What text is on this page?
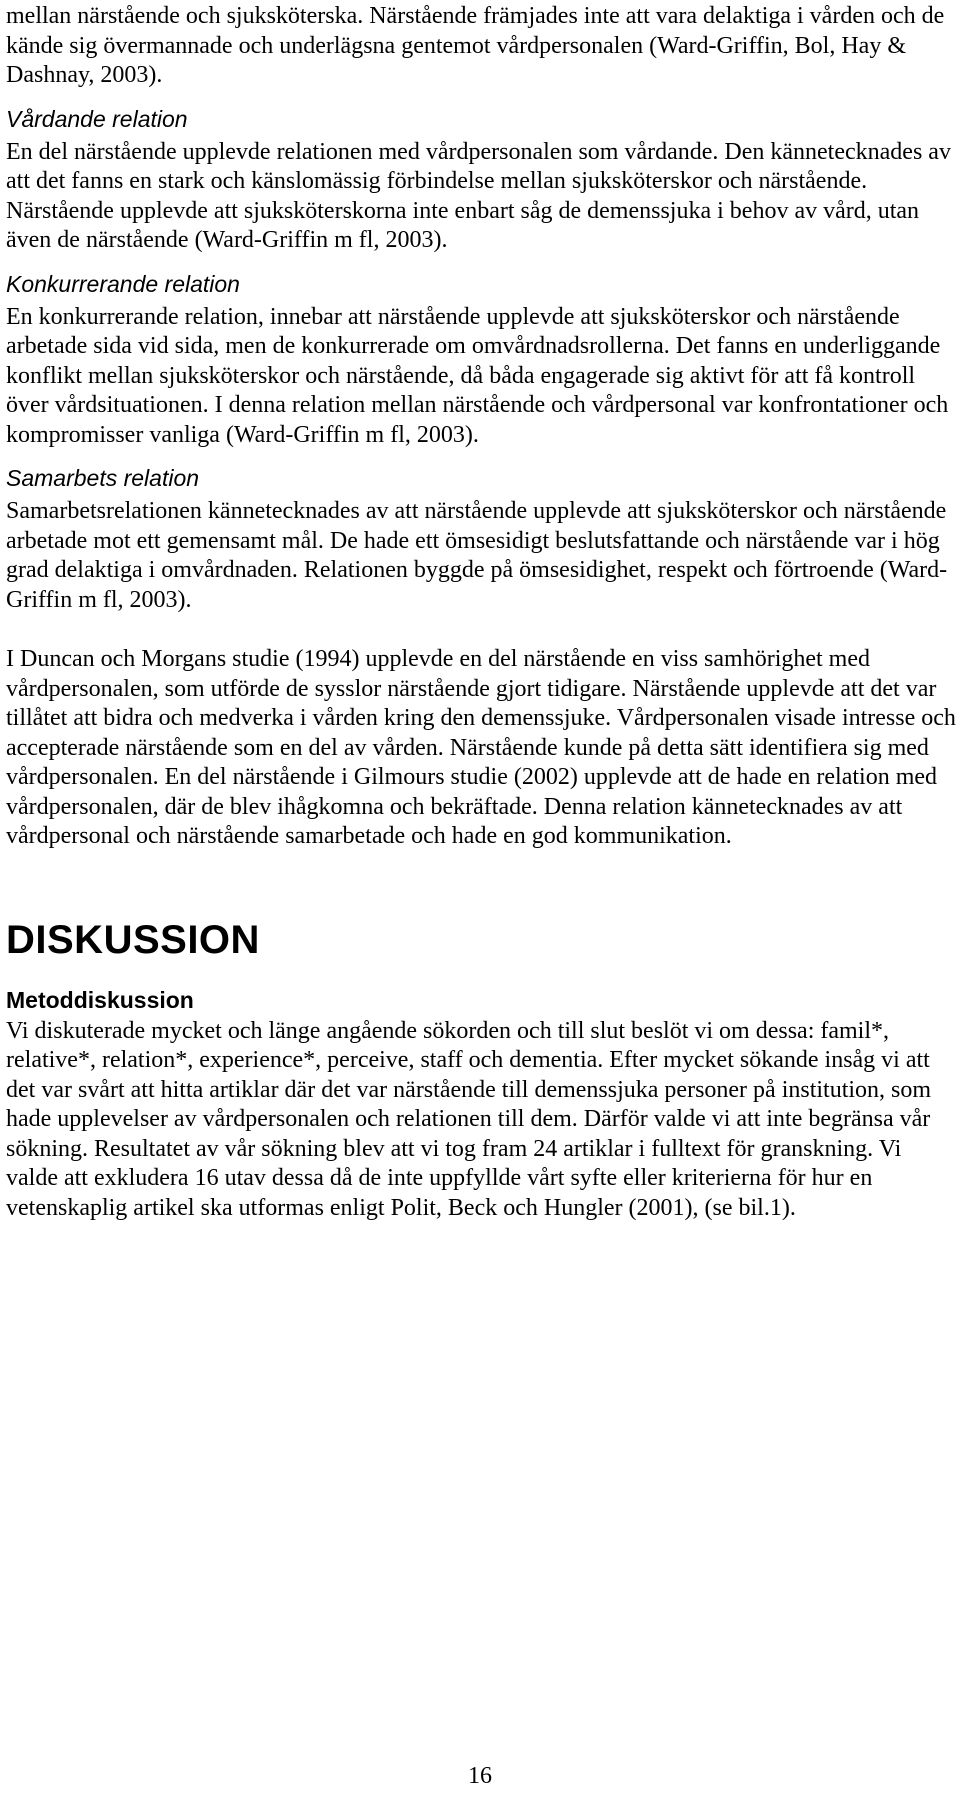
mellan närstående och sjuksköterska. Närstående främjades inte att vara delaktiga i vården och de kände sig övermannade och underlägsna gentemot vårdpersonalen (Ward-Griffin, Bol, Hay & Dashnay, 2003).

Vårdande relation

En del närstående upplevde relationen med vårdpersonalen som vårdande. Den kännetecknades av att det fanns en stark och känslomässig förbindelse mellan sjuksköterskor och närstående. Närstående upplevde att sjuksköterskorna inte enbart såg de demenssjuka i behov av vård, utan även de närstående (Ward-Griffin m fl, 2003).

Konkurrerande relation

En konkurrerande relation, innebar att närstående upplevde att sjuksköterskor och närstående arbetade sida vid sida, men de konkurrerade om omvårdnadsrollerna. Det fanns en underliggande konflikt mellan sjuksköterskor och närstående, då båda engagerade sig aktivt för att få kontroll över vårdsituationen. I denna relation mellan närstående och vårdpersonal var konfrontationer och kompromisser vanliga (Ward-Griffin m fl, 2003).

Samarbets relation

Samarbetsrelationen kännetecknades av att närstående upplevde att sjuksköterskor och närstående arbetade mot ett gemensamt mål. De hade ett ömsesidigt beslutsfattande och närstående var i hög grad delaktiga i omvårdnaden. Relationen byggde på ömsesidighet, respekt och förtroende (Ward-Griffin m fl, 2003).

I Duncan och Morgans studie (1994) upplevde en del närstående en viss samhörighet med vårdpersonalen, som utförde de sysslor närstående gjort tidigare. Närstående upplevde att det var tillåtet att bidra och medverka i vården kring den demenssjuke. Vårdpersonalen visade intresse och accepterade närstående som en del av vården. Närstående kunde på detta sätt identifiera sig med vårdpersonalen. En del närstående i Gilmours studie (2002) upplevde att de hade en relation med vårdpersonalen, där de blev ihågkomna och bekräftade. Denna relation kännetecknades av att vårdpersonal och närstående samarbetade och hade en god kommunikation.

DISKUSSION
Metoddiskussion

Vi diskuterade mycket och länge angående sökorden och till slut beslöt vi om dessa: famil*, relative*, relation*, experience*, perceive, staff och dementia. Efter mycket sökande insåg vi att det var svårt att hitta artiklar där det var närstående till demenssjuka personer på institution, som hade upplevelser av vårdpersonalen och relationen till dem. Därför valde vi att inte begränsa vår sökning. Resultatet av vår sökning blev att vi tog fram 24 artiklar i fulltext för granskning. Vi valde att exkludera 16 utav dessa då de inte uppfyllde vårt syfte eller kriterierna för hur en vetenskaplig artikel ska utformas enligt Polit, Beck och Hungler (2001), (se bil.1).

16
